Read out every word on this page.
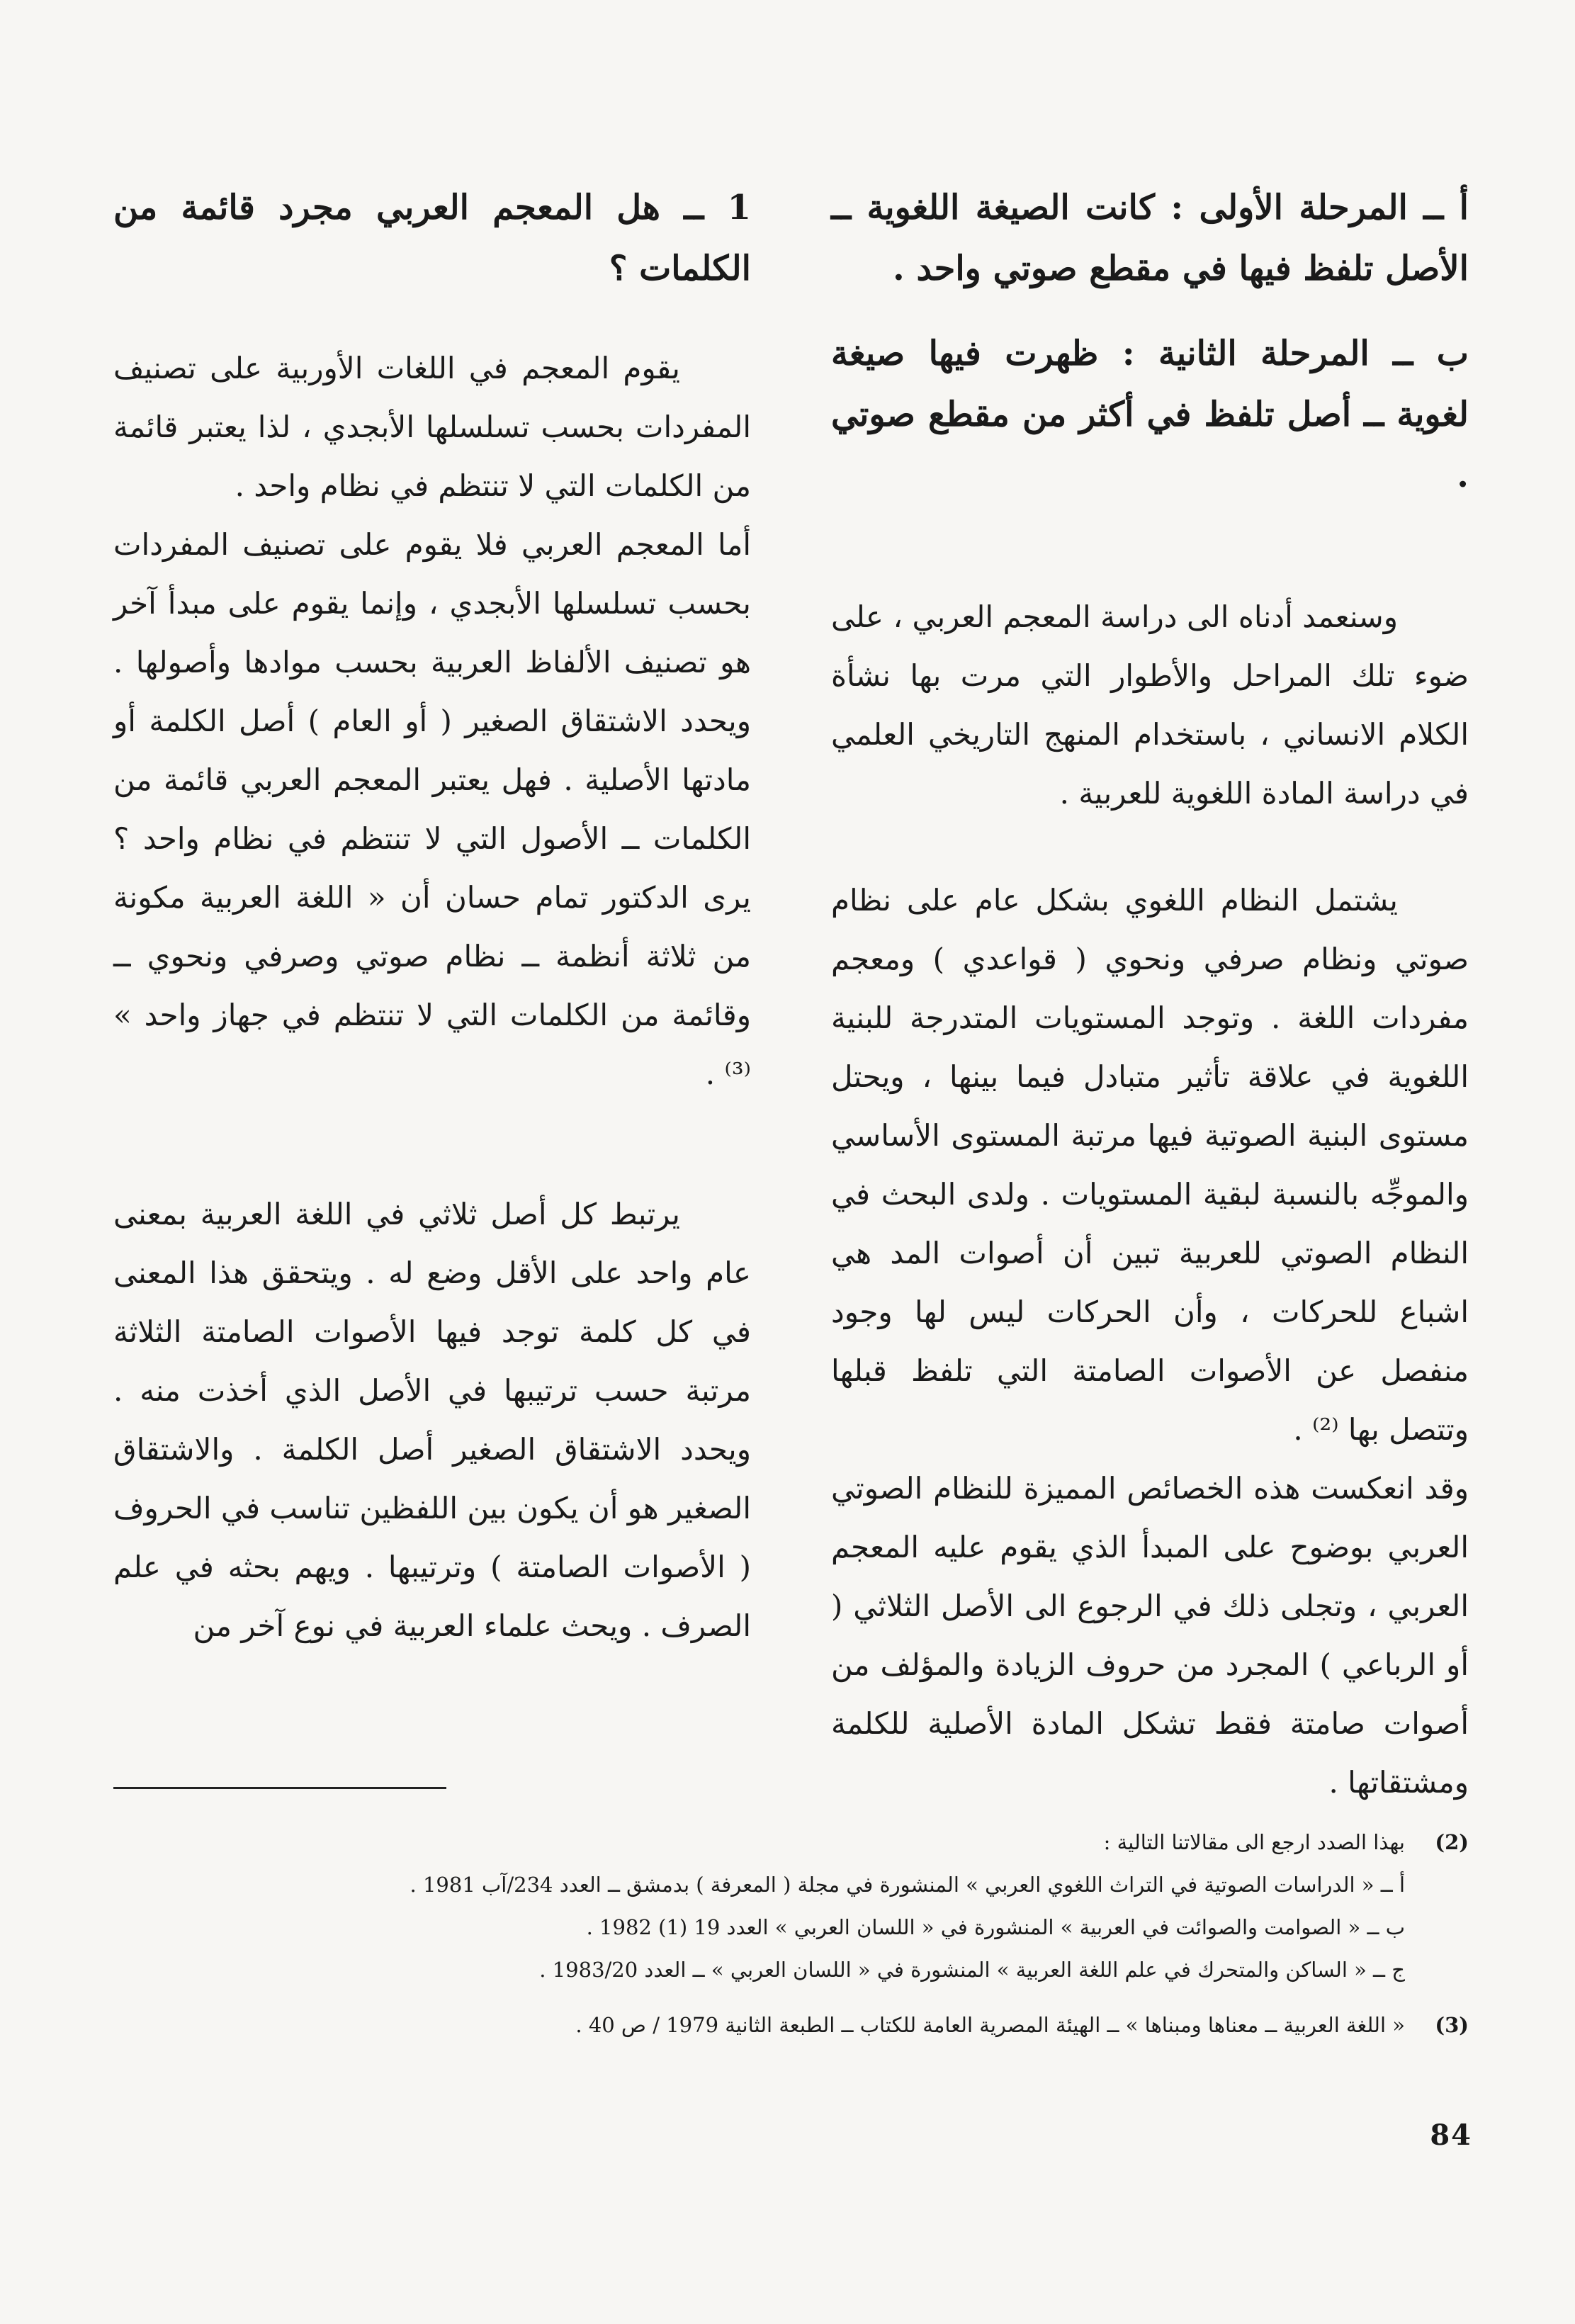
أ ــ المرحلة الأولى : كانت الصيغة اللغوية ــ الأصل تلفظ فيها في مقطع صوتي واحد .

ب ــ المرحلة الثانية : ظهرت فيها صيغة لغوية ــ أصل تلفظ في أكثر من مقطع صوتي .

وسنعمد أدناه الى دراسة المعجم العربي ، على ضوء تلك المراحل والأطوار التي مرت بها نشأة الكلام الانساني ، باستخدام المنهج التاريخي العلمي في دراسة المادة اللغوية للعربية .

يشتمل النظام اللغوي بشكل عام على نظام صوتي ونظام صرفي ونحوي ( قواعدي ) ومعجم مفردات اللغة . وتوجد المستويات المتدرجة للبنية اللغوية في علاقة تأثير متبادل فيما بينها ، ويحتل مستوى البنية الصوتية فيها مرتبة المستوى الأساسي والموجِّه بالنسبة لبقية المستويات . ولدى البحث في النظام الصوتي للعربية تبين أن أصوات المد هي اشباع للحركات ، وأن الحركات ليس لها وجود منفصل عن الأصوات الصامتة التي تلفظ قبلها وتتصل بها ⁽²⁾ .

وقد انعكست هذه الخصائص المميزة للنظام الصوتي العربي بوضوح على المبدأ الذي يقوم عليه المعجم العربي ، وتجلى ذلك في الرجوع الى الأصل الثلاثي ( أو الرباعي ) المجرد من حروف الزيادة والمؤلف من أصوات صامتة فقط تشكل المادة الأصلية للكلمة ومشتقاتها .

1 ــ هل المعجم العربي مجرد قائمة من الكلمات ؟

يقوم المعجم في اللغات الأوربية على تصنيف المفردات بحسب تسلسلها الأبجدي ، لذا يعتبر قائمة من الكلمات التي لا تنتظم في نظام واحد .

أما المعجم العربي فلا يقوم على تصنيف المفردات بحسب تسلسلها الأبجدي ، وإنما يقوم على مبدأ آخر هو تصنيف الألفاظ العربية بحسب موادها وأصولها . ويحدد الاشتقاق الصغير ( أو العام ) أصل الكلمة أو مادتها الأصلية . فهل يعتبر المعجم العربي قائمة من الكلمات ــ الأصول التي لا تنتظم في نظام واحد ؟ يرى الدكتور تمام حسان أن « اللغة العربية مكونة من ثلاثة أنظمة ــ نظام صوتي وصرفي ونحوي ــ وقائمة من الكلمات التي لا تنتظم في جهاز واحد » ⁽³⁾ .

يرتبط كل أصل ثلاثي في اللغة العربية بمعنى عام واحد على الأقل وضع له . ويتحقق هذا المعنى في كل كلمة توجد فيها الأصوات الصامتة الثلاثة مرتبة حسب ترتيبها في الأصل الذي أخذت منه . ويحدد الاشتقاق الصغير أصل الكلمة . والاشتقاق الصغير هو أن يكون بين اللفظين تناسب في الحروف ( الأصوات الصامتة ) وترتيبها . ويهم بحثه في علم الصرف . ويحث علماء العربية في نوع آخر من

(2)بهذا الصدد ارجع الى مقالاتنا التالية :

أ ــ « الدراسات الصوتية في التراث اللغوي العربي » المنشورة في مجلة ( المعرفة ) بدمشق ــ العدد 234/آب 1981 .

ب ــ « الصوامت والصوائت في العربية » المنشورة في « اللسان العربي » العدد 19 (1) 1982 .

ج ــ « الساكن والمتحرك في علم اللغة العربية » المنشورة في « اللسان العربي » ــ العدد 1983/20 .

(3)« اللغة العربية ــ معناها ومبناها » ــ الهيئة المصرية العامة للكتاب ــ الطبعة الثانية 1979 / ص 40 .

84
